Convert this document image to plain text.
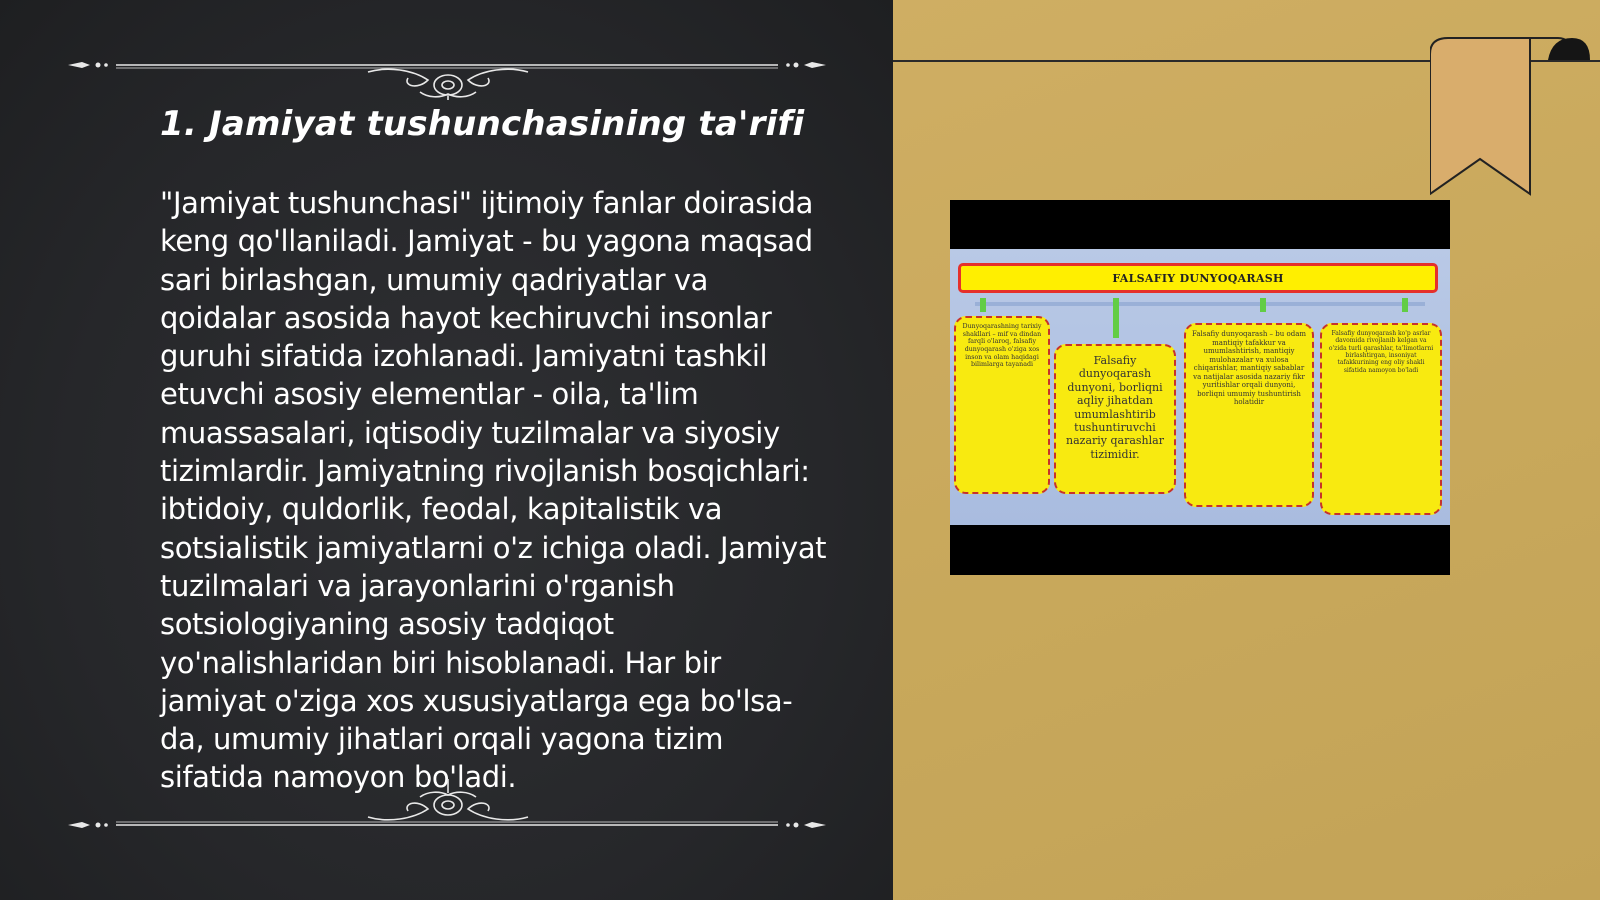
1. Jamiyat tushunchasining ta'rifi

"Jamiyat tushunchasi" ijtimoiy fanlar doirasida keng qo'llaniladi. Jamiyat - bu yagona maqsad sari birlashgan, umumiy qadriyatlar va qoidalar asosida hayot kechiruvchi insonlar guruhi sifatida izohlanadi. Jamiyatni tashkil etuvchi asosiy elementlar - oila, ta'lim muassasalari, iqtisodiy tuzilmalar va siyosiy tizimlardir. Jamiyatning rivojlanish bosqichlari: ibtidoiy, quldorlik, feodal, kapitalistik va sotsialistik jamiyatlarni o'z ichiga oladi. Jamiyat tuzilmalari va jarayonlarini o'rganish sotsiologiyaning asosiy tadqiqot yo'nalishlaridan biri hisoblanadi. Har bir jamiyat o'ziga xos xususiyatlarga ega bo'lsa-da, umumiy jihatlari orqali yagona tizim sifatida namoyon bo'ladi.

FALSAFIY DUNYOQARASH
Dunyoqarashning tarixiy shakllari – mif va dindan farqli o'laroq, falsafiy dunyoqarash o'ziga xos inson va olam haqidagi bilimlarga tayanadi	Falsafiy dunyoqarash dunyoni, borliqni aqliy jihatdan umumlashtirib tushuntiruvchi nazariy qarashlar tizimidir.
Falsafiy dunyoqarash – bu odam mantiqiy tafakkur va umumlashtirish, mantiqiy mulohazalar va xulosa chiqarishlar, mantiqiy sabablar va natijalar asosida nazariy fikr yuritishlar orqali dunyoni, borliqni umumiy tushuntirish holatidir
Falsafiy dunyoqarash ko'p asrlar davomida rivojlanib kelgan va o'zida turli qarashlar, ta'limotlarni birlashtirgan, insoniyat tafakkurining eng oliy shakli sifatida namoyon bo'ladi
